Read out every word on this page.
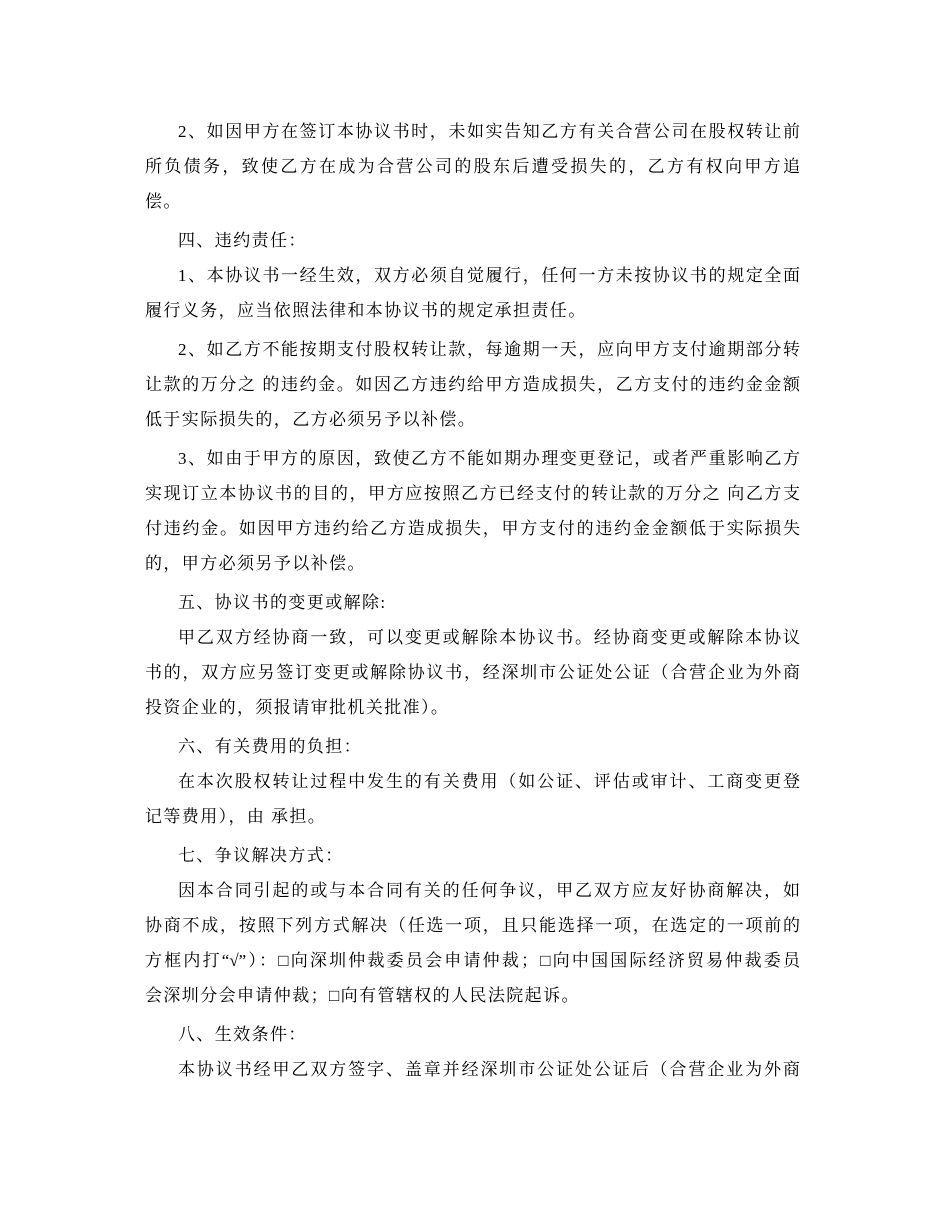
2、如因甲方在签订本协议书时，未如实告知乙方有关合营公司在股权转让前
所负债务，致使乙方在成为合营公司的股东后遭受损失的，乙方有权向甲方追
偿。
四、违约责任：
1、本协议书一经生效，双方必须自觉履行，任何一方未按协议书的规定全面
履行义务，应当依照法律和本协议书的规定承担责任。
2、如乙方不能按期支付股权转让款，每逾期一天，应向甲方支付逾期部分转
让款的万分之 的违约金。如因乙方违约给甲方造成损失，乙方支付的违约金金额
低于实际损失的，乙方必须另予以补偿。
3、如由于甲方的原因，致使乙方不能如期办理变更登记，或者严重影响乙方
实现订立本协议书的目的，甲方应按照乙方已经支付的转让款的万分之 向乙方支
付违约金。如因甲方违约给乙方造成损失，甲方支付的违约金金额低于实际损失
的，甲方必须另予以补偿。
五、协议书的变更或解除:
甲乙双方经协商一致，可以变更或解除本协议书。经协商变更或解除本协议
书的，双方应另签订变更或解除协议书，经深圳市公证处公证（合营企业为外商
投资企业的，须报请审批机关批准）。
六、有关费用的负担：
在本次股权转让过程中发生的有关费用（如公证、评估或审计、工商变更登
记等费用），由 承担。
七、争议解决方式：
因本合同引起的或与本合同有关的任何争议，甲乙双方应友好协商解决，如
协商不成，按照下列方式解决（任选一项，且只能选择一项，在选定的一项前的
方框内打“√”）：□向深圳仲裁委员会申请仲裁；□向中国国际经济贸易仲裁委员
会深圳分会申请仲裁；□向有管辖权的人民法院起诉。
八、生效条件：
本协议书经甲乙双方签字、盖章并经深圳市公证处公证后（合营企业为外商
